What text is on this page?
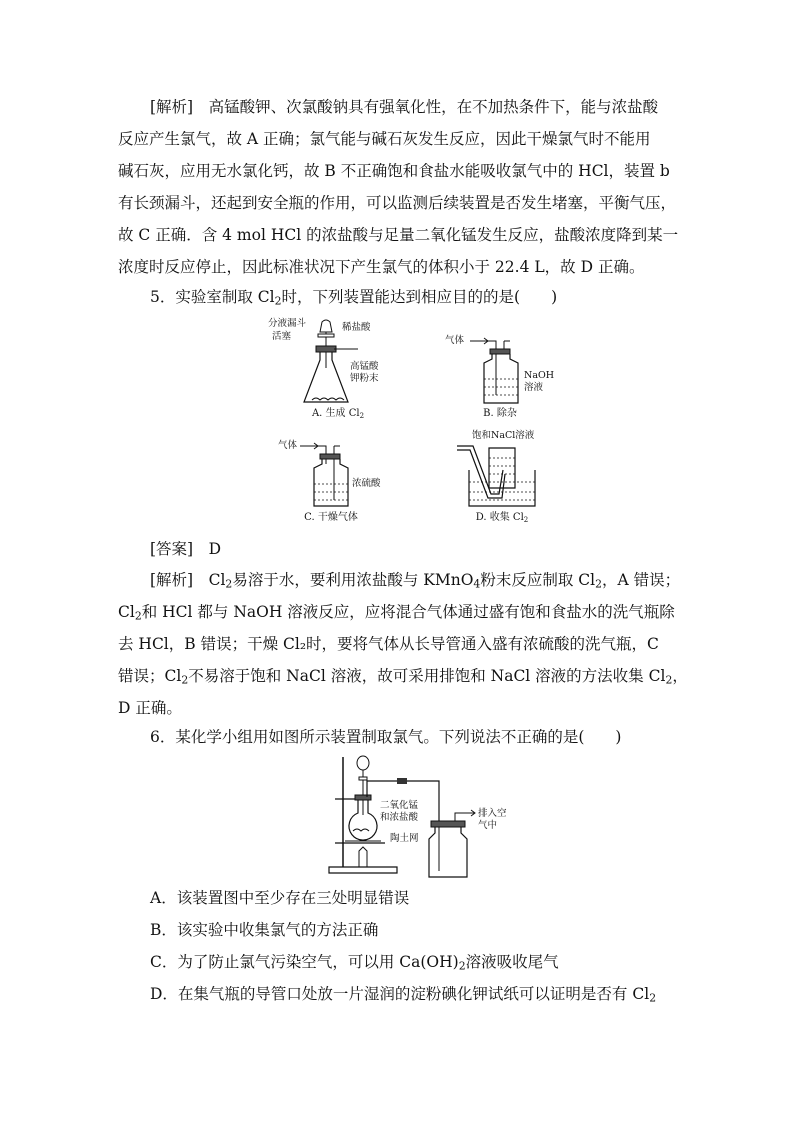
[解析]　高锰酸钾、次氯酸钠具有强氧化性，在不加热条件下，能与浓盐酸
反应产生氯气，故 A 正确；氯气能与碱石灰发生反应，因此干燥氯气时不能用
碱石灰，应用无水氯化钙，故 B 不正确饱和食盐水能吸收氯气中的 HCl，装置 b
有长颈漏斗，还起到安全瓶的作用，可以监测后续装置是否发生堵塞，平衡气压，
故 C 正确．含 4 mol HCl 的浓盐酸与足量二氧化锰发生反应，盐酸浓度降到某一
浓度时反应停止，因此标准状况下产生氯气的体积小于 22.4 L，故 D 正确。
5．实验室制取 $Cl_2$时，下列装置能达到相应目的的是(　　)
分液漏斗
活塞
稀盐酸
高锰酸
钾粉末
A. 生成 $Cl_2$
气体
NaOH
溶液
B. 除杂
气体
浓硫酸
C. 干燥气体
饱和NaCl溶液
D. 收集 $Cl_2$
[答案]　 D
[解析]　$Cl_2$易溶于水，要利用浓盐酸与 KMnO$_4$粉末反应制取 $Cl_2$，A 错误；
$Cl_2$和 HCl 都与 NaOH 溶液反应，应将混合气体通过盛有饱和食盐水的洗气瓶除
去 HCl，B 错误；干燥 Cl₂时，要将气体从长导管通入盛有浓硫酸的洗气瓶，C
错误；$Cl_2$不易溶于饱和 NaCl 溶液，故可采用排饱和 NaCl 溶液的方法收集 $Cl_2$，
D 正确。
6．某化学小组用如图所示装置制取氯气。下列说法不正确的是(　　)
二氧化锰
和浓盐酸
陶土网
排入空
气中
A．该装置图中至少存在三处明显错误
B．该实验中收集氯气的方法正确
C．为了防止氯气污染空气，可以用 $Ca(OH)_2$溶液吸收尾气
D．在集气瓶的导管口处放一片湿润的淀粉碘化钾试纸可以证明是否有 $Cl_2$
